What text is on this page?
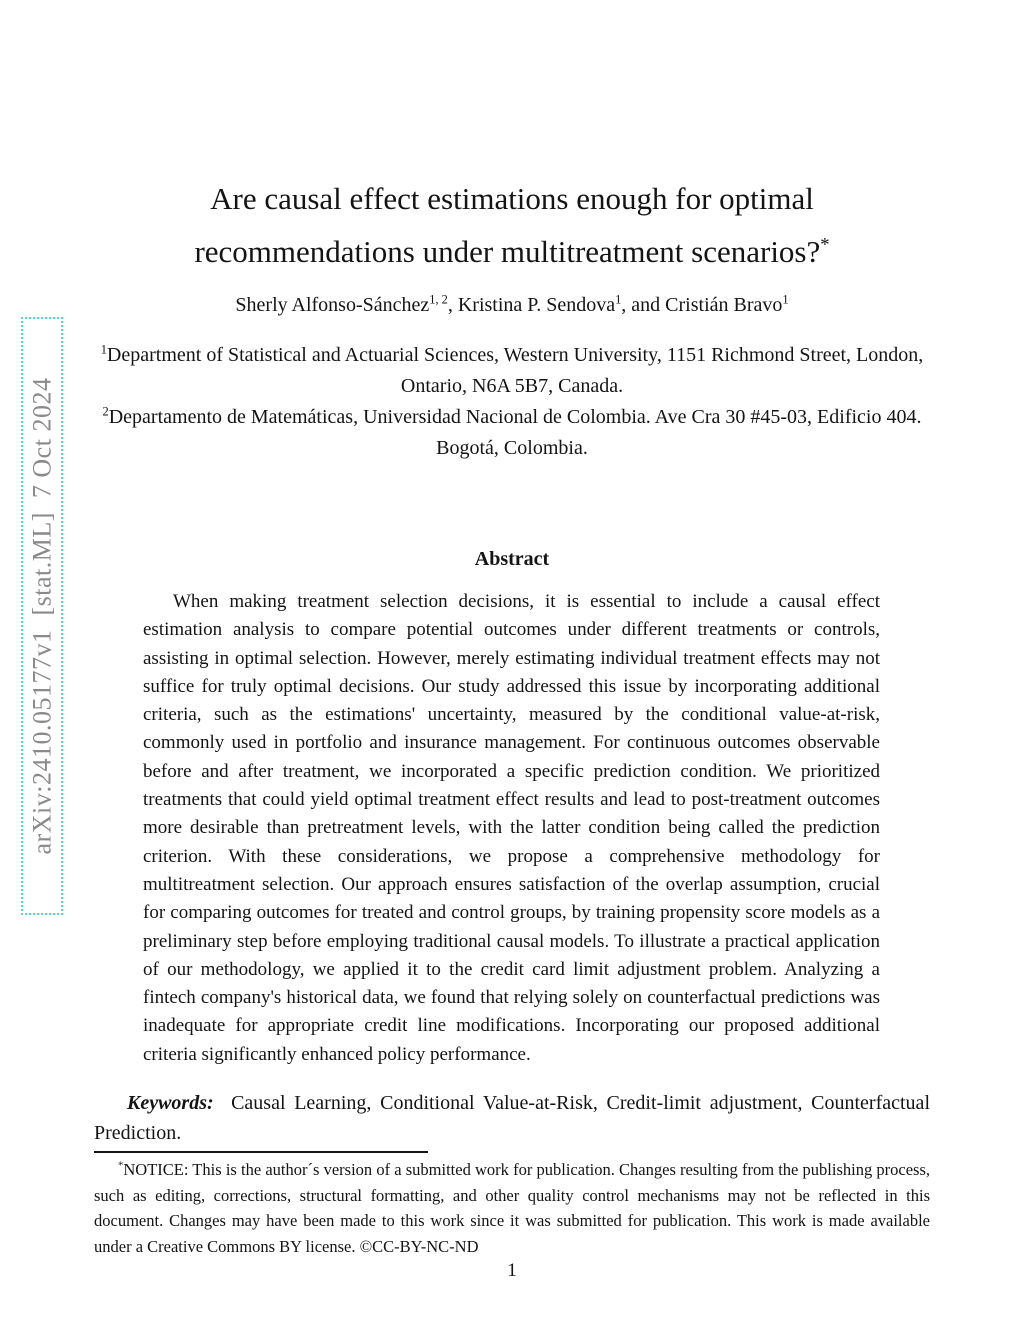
arXiv:2410.05177v1  [stat.ML]  7 Oct 2024
Are causal effect estimations enough for optimal
recommendations under multitreatment scenarios?*
Sherly Alfonso-Sánchez$^{1, 2}$, Kristina P. Sendova$^1$, and Cristián Bravo$^1$
$^1$Department of Statistical and Actuarial Sciences, Western University, 1151 Richmond Street, London, Ontario, N6A 5B7, Canada.
$^2$Departamento de Matemáticas, Universidad Nacional de Colombia. Ave Cra 30 #45-03, Edificio 404. Bogotá, Colombia.
Abstract

When making treatment selection decisions, it is essential to include a causal effect estimation analysis to compare potential outcomes under different treatments or controls, assisting in optimal selection. However, merely estimating individual treatment effects may not suffice for truly optimal decisions. Our study addressed this issue by incorporating additional criteria, such as the estimations' uncertainty, measured by the conditional value-at-risk, commonly used in portfolio and insurance management. For continuous outcomes observable before and after treatment, we incorporated a specific prediction condition. We prioritized treatments that could yield optimal treatment effect results and lead to post-treatment outcomes more desirable than pretreatment levels, with the latter condition being called the prediction criterion. With these considerations, we propose a comprehensive methodology for multitreatment selection. Our approach ensures satisfaction of the overlap assumption, crucial for comparing outcomes for treated and control groups, by training propensity score models as a preliminary step before employing traditional causal models. To illustrate a practical application of our methodology, we applied it to the credit card limit adjustment problem. Analyzing a fintech company's historical data, we found that relying solely on counterfactual predictions was inadequate for appropriate credit line modifications. Incorporating our proposed additional criteria significantly enhanced policy performance.

Keywords: Causal Learning, Conditional Value-at-Risk, Credit-limit adjustment, Counterfactual Prediction.

*NOTICE: This is the author´s version of a submitted work for publication. Changes resulting from the publishing process, such as editing, corrections, structural formatting, and other quality control mechanisms may not be reflected in this document. Changes may have been made to this work since it was submitted for publication. This work is made available under a Creative Commons BY license. ©CC-BY-NC-ND

1
